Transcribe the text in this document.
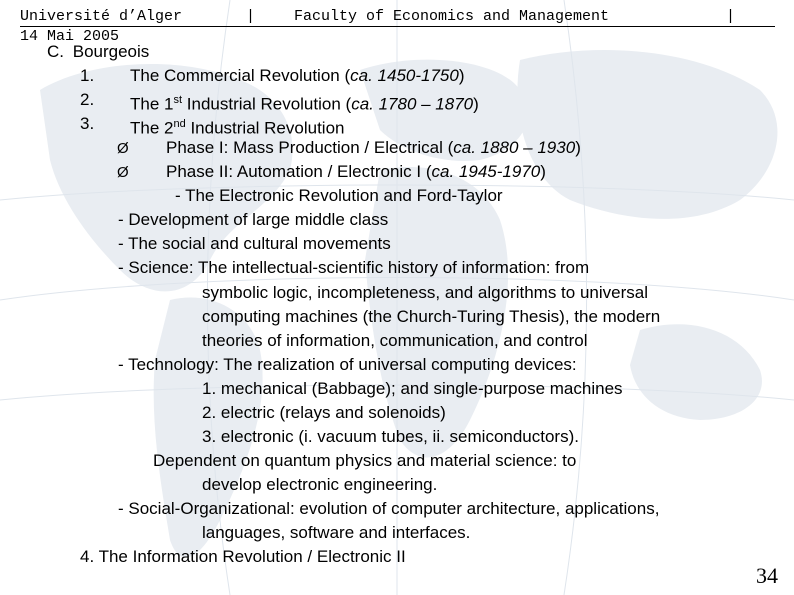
Université d’Alger	|	Faculty of Economics and Management	|
14 Mai 2005
C. Bourgeois
1. The Commercial Revolution (ca. 1450-1750)
2. The 1st Industrial Revolution (ca. 1780 – 1870)
3. The 2nd Industrial Revolution
Ø Phase I: Mass Production / Electrical (ca. 1880 – 1930)
Ø Phase II: Automation / Electronic I (ca. 1945-1970)
- The Electronic Revolution and Ford-Taylor
- Development of large middle class
- The social and cultural movements
- Science: The intellectual-scientific history of information: from
symbolic logic, incompleteness, and algorithms to universal
computing machines (the Church-Turing Thesis), the modern
theories of information, communication, and control
- Technology: The realization of universal computing devices:
1. mechanical (Babbage); and single-purpose machines
2. electric (relays and solenoids)
3. electronic (i. vacuum tubes, ii. semiconductors).
Dependent on quantum physics and material science: to
develop electronic engineering.
- Social-Organizational: evolution of computer architecture, applications,
languages, software and interfaces.
4. The Information Revolution / Electronic II
34
